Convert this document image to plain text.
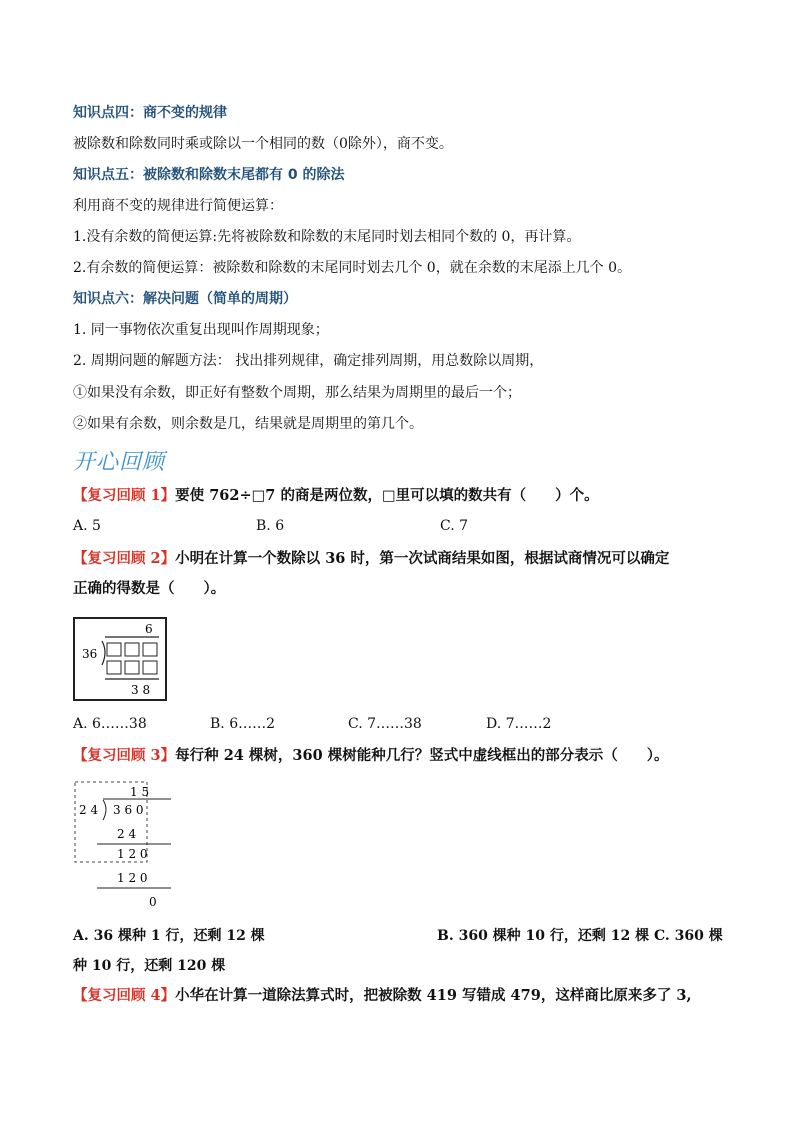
知识点四：商不变的规律
被除数和除数同时乘或除以一个相同的数（0除外），商不变。
知识点五：被除数和除数末尾都有 0 的除法
利用商不变的规律进行简便运算：
1.没有余数的简便运算:先将被除数和除数的末尾同时划去相同个数的 0，再计算。
2.有余数的简便运算：被除数和除数的末尾同时划去几个 0，就在余数的末尾添上几个 0。
知识点六：解决问题（简单的周期）
1. 同一事物依次重复出现叫作周期现象；
2. 周期问题的解题方法： 找出排列规律，确定排列周期，用总数除以周期，
①如果没有余数，即正好有整数个周期，那么结果为周期里的最后一个；
②如果有余数，则余数是几，结果就是周期里的第几个。
开心回顾
【复习回顾 1】要使 762÷□7 的商是两位数，□里可以填的数共有（　　）个。
A. 5	B. 6	C. 7
【复习回顾 2】小明在计算一个数除以 36 时，第一次试商结果如图，根据试商情况可以确定
正确的得数是（　　）。
6
36
3 8
A. 6……38	B. 6……2	C. 7……38	D. 7……2
【复习回顾 3】每行种 24 棵树，360 棵树能种几行？竖式中虚线框出的部分表示（　　）。
1 5
2 4 3 6 0
2 4
1 2 0
1 2 0
0
A. 36 棵种 1 行，还剩 12 棵	B. 360 棵种 10 行，还剩 12 棵 C. 360 棵
种 10 行，还剩 120 棵
【复习回顾 4】小华在计算一道除法算式时，把被除数 419 写错成 479，这样商比原来多了 3,
